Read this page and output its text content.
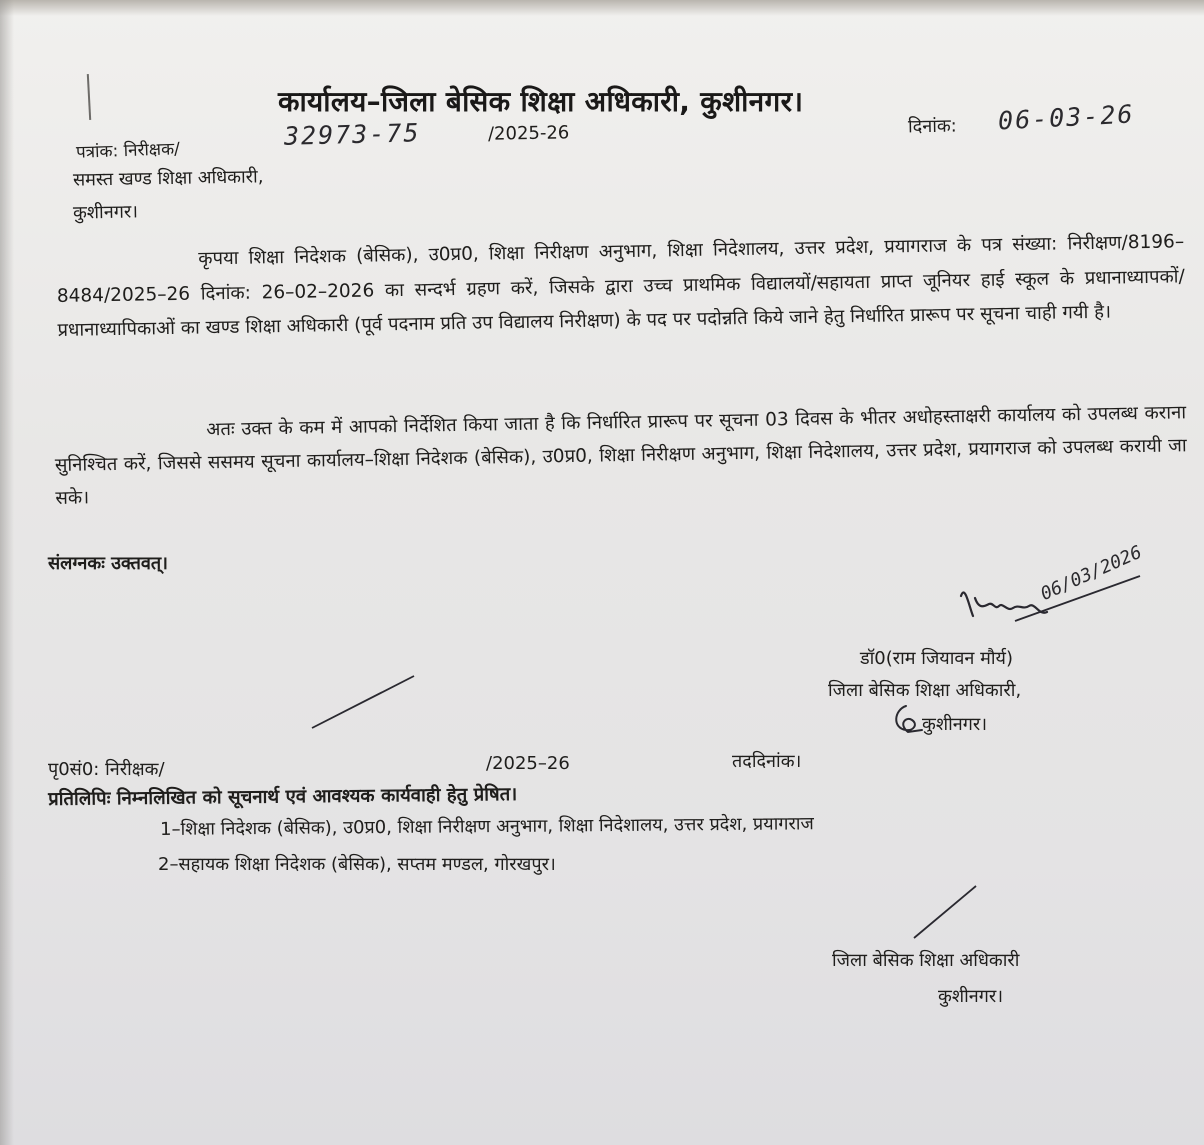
कार्यालय–जिला बेसिक शिक्षा अधिकारी, कुशीनगर।
पत्रांक: निरीक्षक/
32973-75	/2025-26	दिनांक: 06-03-26
समस्त खण्ड शिक्षा अधिकारी,
कुशीनगर।
कृपया शिक्षा निदेशक (बेसिक), उ0प्र0, शिक्षा निरीक्षण अनुभाग, शिक्षा निदेशालय, उत्तर प्रदेश, प्रयागराज के पत्र संख्या: निरीक्षण/8196–8484/2025–26 दिनांक: 26–02–2026 का सन्दर्भ ग्रहण करें, जिसके द्वारा उच्च प्राथमिक विद्यालयों/सहायता प्राप्त जूनियर हाई स्कूल के प्रधानाध्यापकों/प्रधानाध्यापिकाओं का खण्ड शिक्षा अधिकारी (पूर्व पदनाम प्रति उप विद्यालय निरीक्षण) के पद पर पदोन्नति किये जाने हेतु निर्धारित प्रारूप पर सूचना चाही गयी है।
अतः उक्त के कम में आपको निर्देशित किया जाता है कि निर्धारित प्रारूप पर सूचना 03 दिवस के भीतर अधोहस्ताक्षरी कार्यालय को उपलब्ध कराना सुनिश्चित करें, जिससे ससमय सूचना कार्यालय–शिक्षा निदेशक (बेसिक), उ0प्र0, शिक्षा निरीक्षण अनुभाग, शिक्षा निदेशालय, उत्तर प्रदेश, प्रयागराज को उपलब्ध करायी जा सके।
संलग्नकः उक्तवत्।	06/03/2026
डॉ0(राम जियावन मौर्य)
जिला बेसिक शिक्षा अधिकारी,
कुशीनगर।
पृ0सं0: निरीक्षक/	/2025–26	तददिनांक।
प्रतिलिपिः निम्नलिखित को सूचनार्थ एवं आवश्यक कार्यवाही हेतु प्रेषित।
1–शिक्षा निदेशक (बेसिक), उ0प्र0, शिक्षा निरीक्षण अनुभाग, शिक्षा निदेशालय, उत्तर प्रदेश, प्रयागराज
2–सहायक शिक्षा निदेशक (बेसिक), सप्तम मण्डल, गोरखपुर।
जिला बेसिक शिक्षा अधिकारी
कुशीनगर।
